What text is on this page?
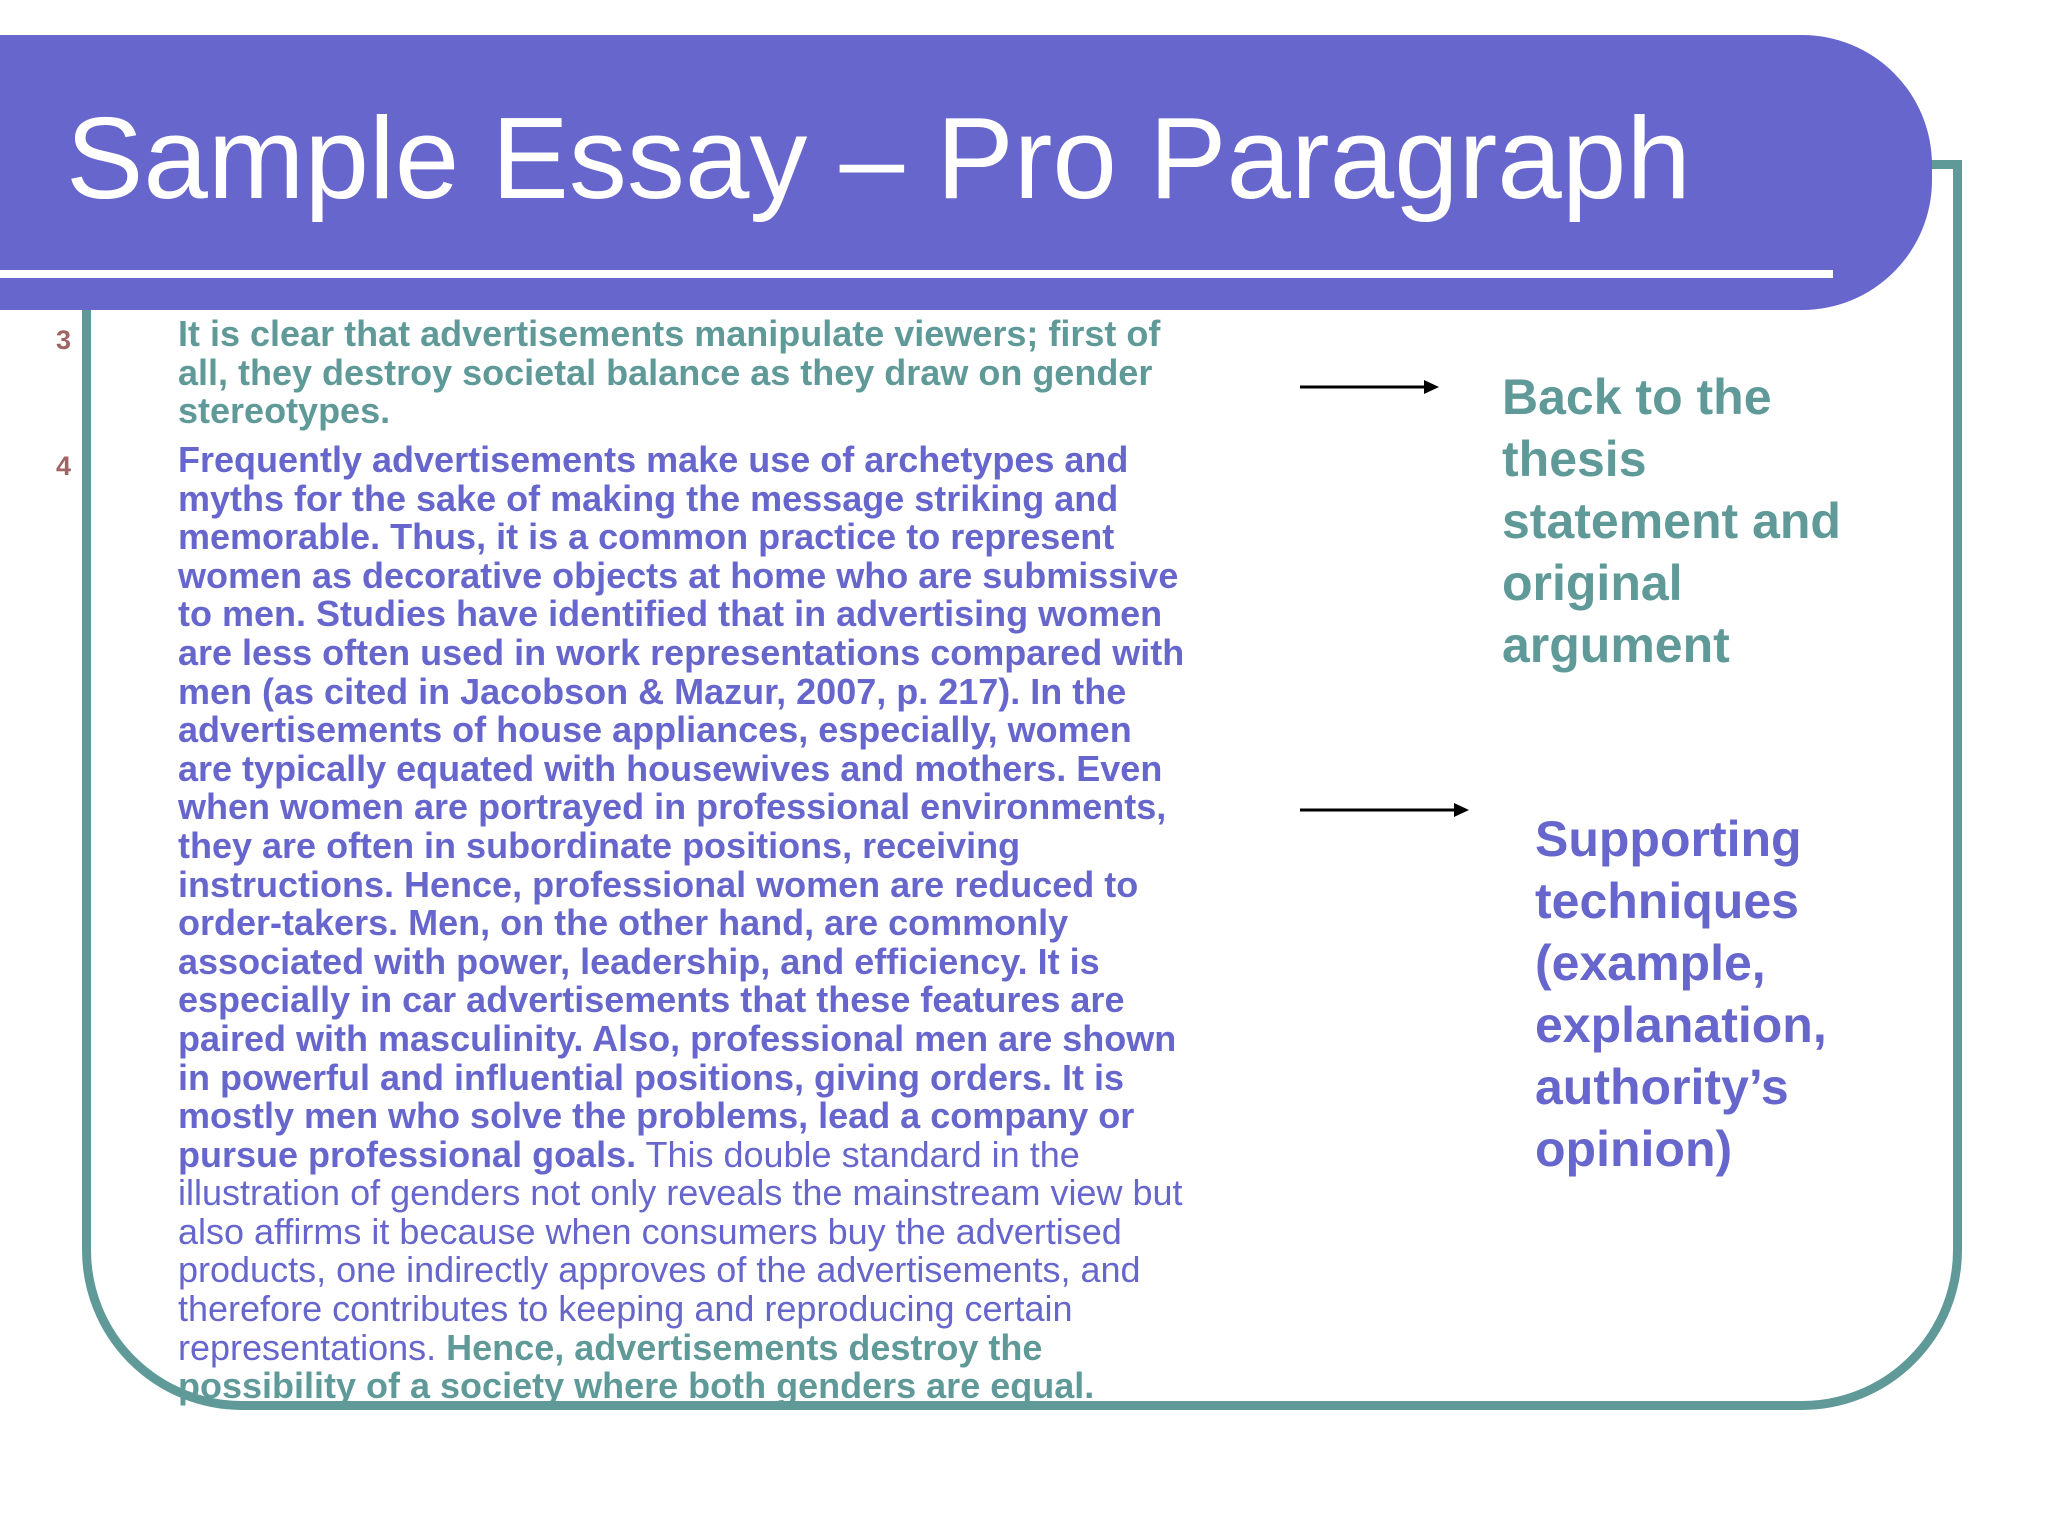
Sample Essay – Pro Paragraph
3	It is clear that advertisements manipulate viewers; first of
all, they destroy societal balance as they draw on gender
stereotypes.

4	Frequently advertisements make use of archetypes and
myths for the sake of making the message striking and
memorable. Thus, it is a common practice to represent
women as decorative objects at home who are submissive
to men. Studies have identified that in advertising women
are less often used in work representations compared with
men (as cited in Jacobson & Mazur, 2007, p. 217). In the
advertisements of house appliances, especially, women
are typically equated with housewives and mothers. Even
when women are portrayed in professional environments,
they are often in subordinate positions, receiving
instructions. Hence, professional women are reduced to
order-takers. Men, on the other hand, are commonly
associated with power, leadership, and efficiency. It is
especially in car advertisements that these features are
paired with masculinity. Also, professional men are shown
in powerful and influential positions, giving orders. It is
mostly men who solve the problems, lead a company or
pursue professional goals. This double standard in the
illustration of genders not only reveals the mainstream view but
also affirms it because when consumers buy the advertised
products, one indirectly approves of the advertisements, and
therefore contributes to keeping and reproducing certain
representations. Hence, advertisements destroy the
possibility of a society where both genders are equal.

Back to the
thesis
statement and
original
argument

Supporting
techniques
(example,
explanation,
authority’s
opinion)
